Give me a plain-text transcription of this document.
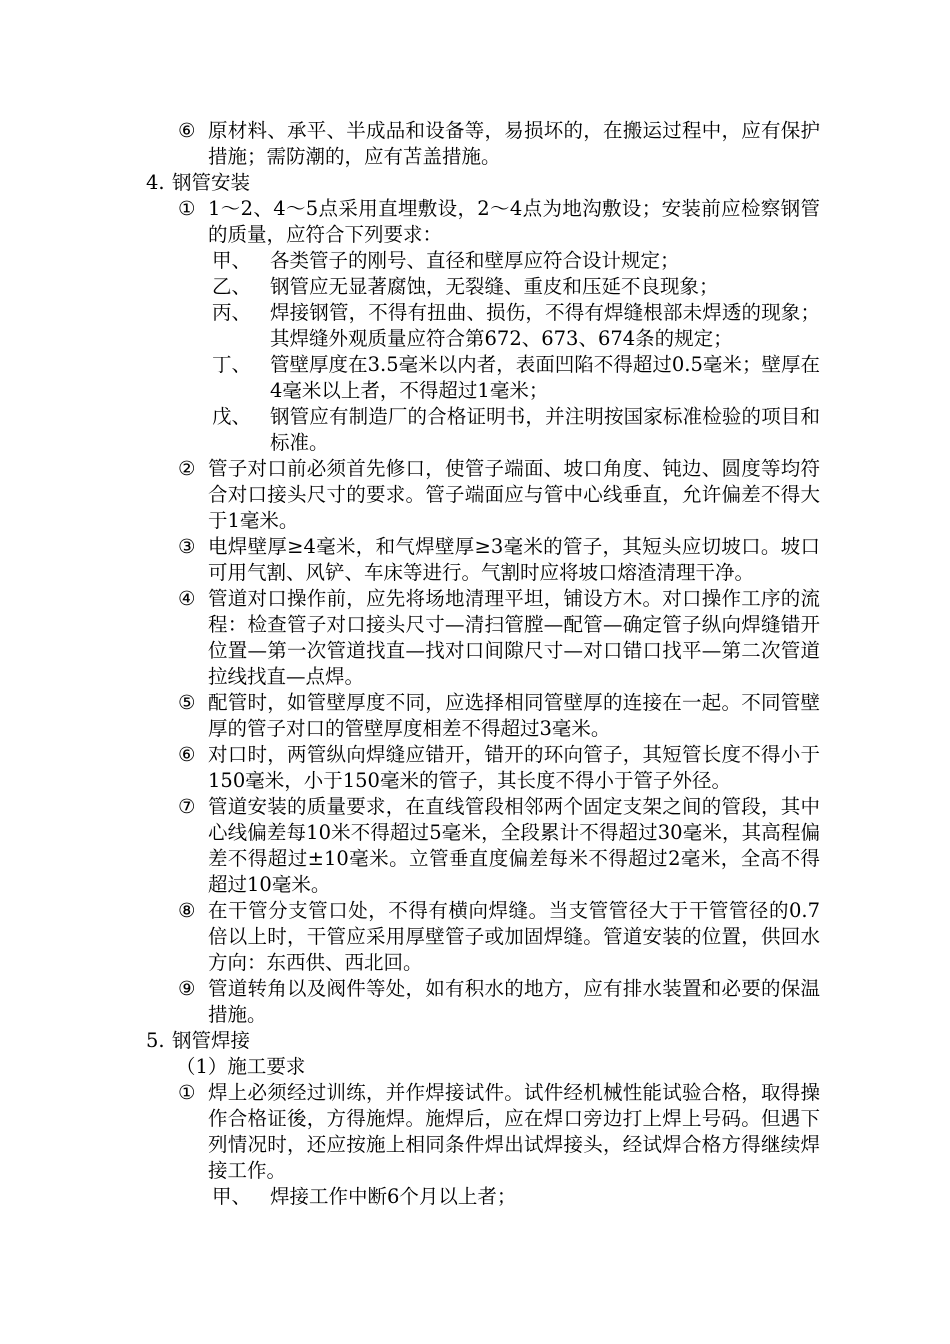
⑥ 原材料、承平、半成品和设备等，易损坏的，在搬运过程中，应有保护措施；需防潮的，应有苫盖措施。
4. 钢管安装
① 1～2、4～5点采用直埋敷设，2～4点为地沟敷设；安装前应检察钢管的质量，应符合下列要求：
甲、 各类管子的刚号、直径和壁厚应符合设计规定；
乙、 钢管应无显著腐蚀，无裂缝、重皮和压延不良现象；
丙、 焊接钢管，不得有扭曲、损伤，不得有焊缝根部未焊透的现象；其焊缝外观质量应符合第672、673、674条的规定；
丁、 管壁厚度在3.5毫米以内者，表面凹陷不得超过0.5毫米；壁厚在4毫米以上者，不得超过1毫米；
戊、 钢管应有制造厂的合格证明书，并注明按国家标准检验的项目和标准。
② 管子对口前必须首先修口，使管子端面、坡口角度、钝边、圆度等均符合对口接头尺寸的要求。管子端面应与管中心线垂直，允许偏差不得大于1毫米。
③ 电焊壁厚≥4毫米，和气焊壁厚≥3毫米的管子，其短头应切坡口。坡口可用气割、风铲、车床等进行。气割时应将坡口熔渣清理干净。
④ 管道对口操作前，应先将场地清理平坦，铺设方木。对口操作工序的流程：检查管子对口接头尺寸—清扫管膛—配管—确定管子纵向焊缝错开位置—第一次管道找直—找对口间隙尺寸—对口错口找平—第二次管道拉线找直—点焊。
⑤ 配管时，如管壁厚度不同，应选择相同管壁厚的连接在一起。不同管壁厚的管子对口的管壁厚度相差不得超过3毫米。
⑥ 对口时，两管纵向焊缝应错开，错开的环向管子，其短管长度不得小于150毫米，小于150毫米的管子，其长度不得小于管子外径。
⑦ 管道安装的质量要求，在直线管段相邻两个固定支架之间的管段，其中心线偏差每10米不得超过5毫米，全段累计不得超过30毫米，其高程偏差不得超过±10毫米。立管垂直度偏差每米不得超过2毫米，全高不得超过10毫米。
⑧ 在干管分支管口处，不得有横向焊缝。当支管管径大于干管管径的0.7倍以上时，干管应采用厚壁管子或加固焊缝。管道安装的位置，供回水方向：东西供、西北回。
⑨ 管道转角以及阀件等处，如有积水的地方，应有排水装置和必要的保温措施。
5. 钢管焊接
（1）施工要求
① 焊上必须经过训练，并作焊接试件。试件经机械性能试验合格，取得操作合格证後，方得施焊。施焊后，应在焊口旁边打上焊上号码。但遇下列情况时，还应按施上相同条件焊出试焊接头，经试焊合格方得继续焊接工作。
甲、 焊接工作中断6个月以上者；
